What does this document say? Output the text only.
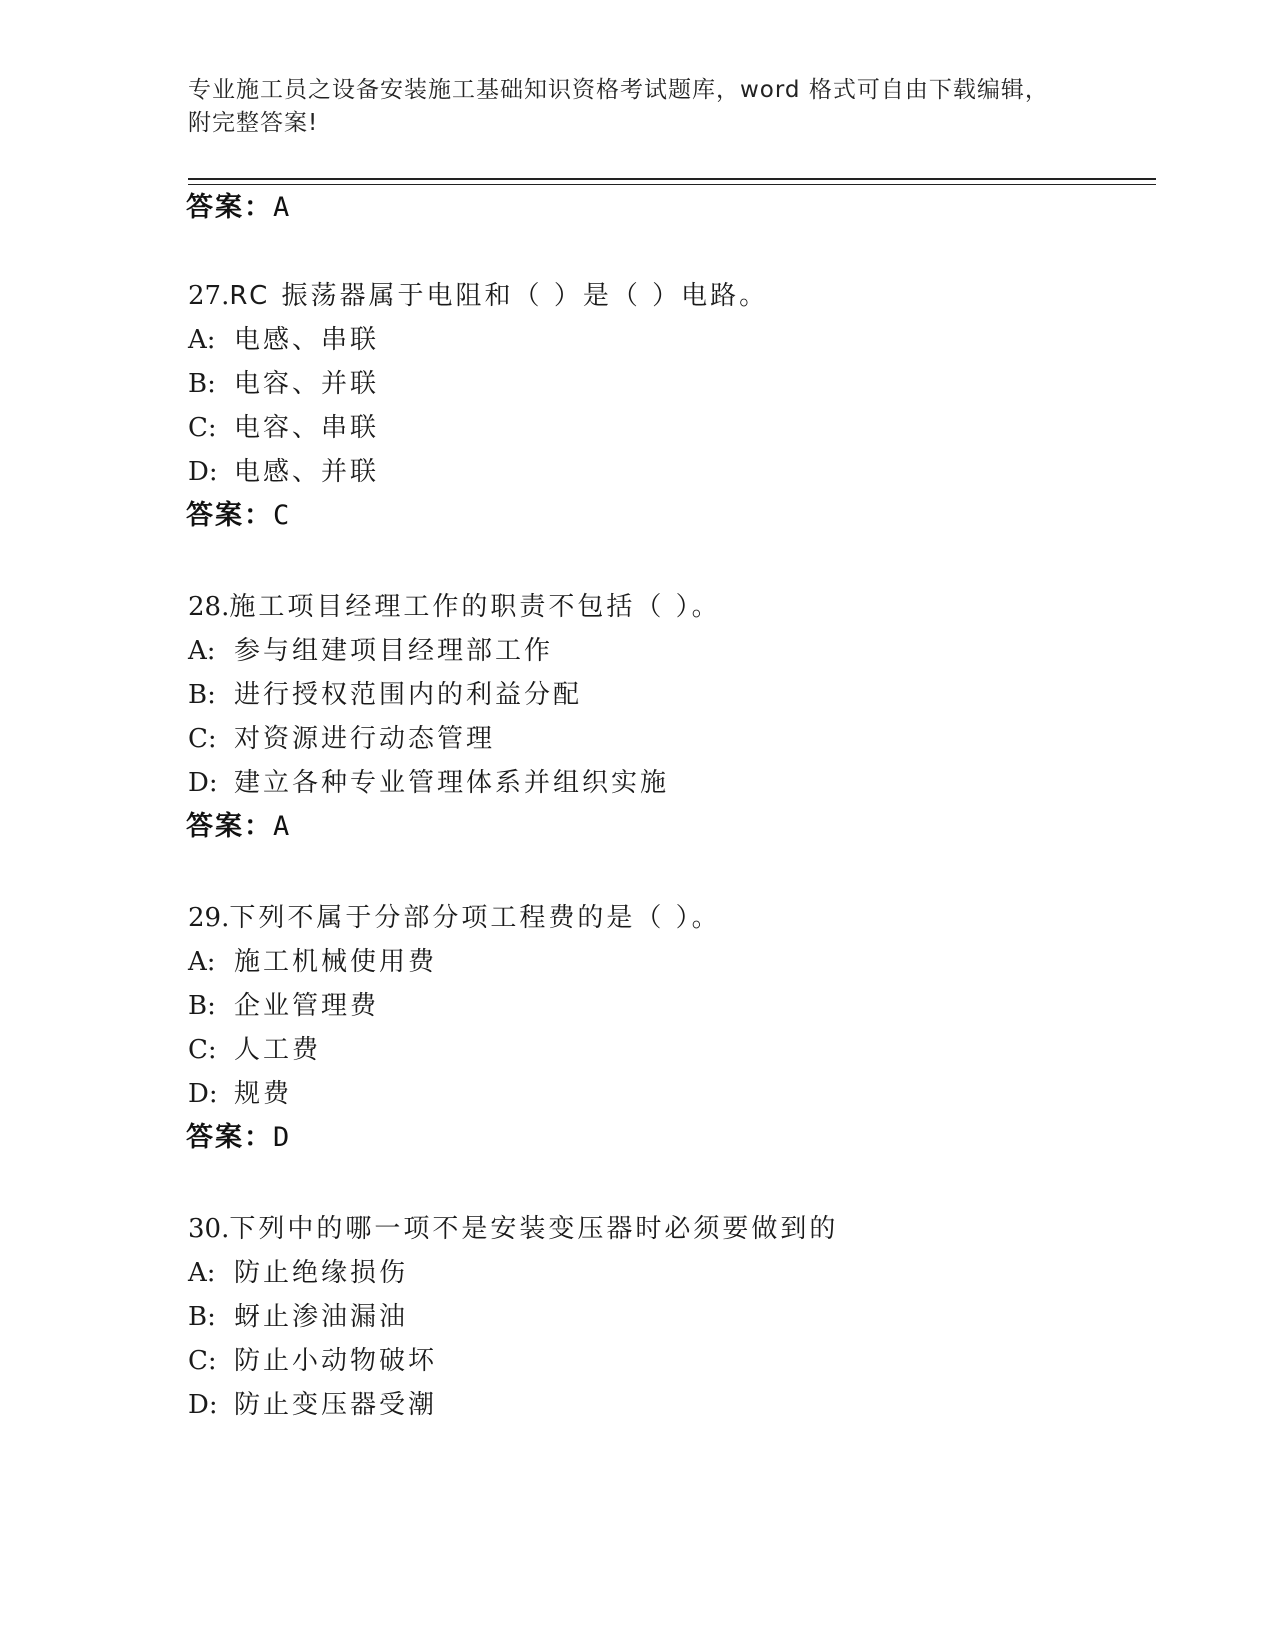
专业施工员之设备安装施工基础知识资格考试题库，word 格式可自由下载编辑，
附完整答案!
答案：A
27.RC 振荡器属于电阻和（ ）是（ ）电路。
A: 电感、串联
B: 电容、并联
C: 电容、串联
D: 电感、并联
答案：C
28.施工项目经理工作的职责不包括（ ）。
A: 参与组建项目经理部工作
B: 进行授权范围内的利益分配
C: 对资源进行动态管理
D: 建立各种专业管理体系并组织实施
答案：A
29.下列不属于分部分项工程费的是（ ）。
A: 施工机械使用费
B: 企业管理费
C: 人工费
D: 规费
答案：D
30.下列中的哪一项不是安装变压器时必须要做到的
A: 防止绝缘损伤
B: 蚜止渗油漏油
C: 防止小动物破坏
D: 防止变压器受潮
